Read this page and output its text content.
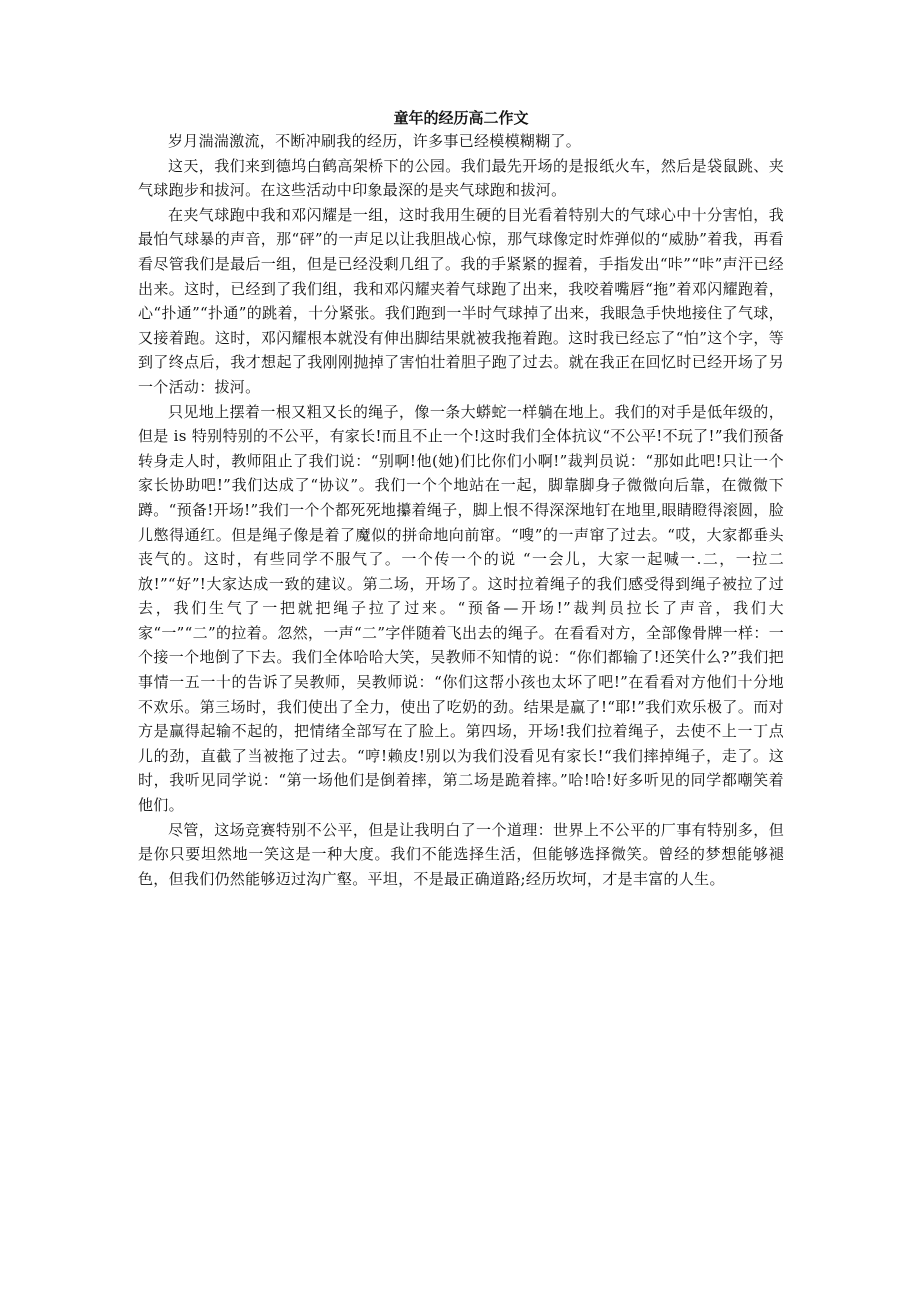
童年的经历高二作文

岁月湍湍激流，不断冲刷我的经历，许多事已经模模糊糊了。

这天，我们来到德坞白鹤高架桥下的公园。我们最先开场的是报纸火车，然后是袋鼠跳、夹气球跑步和拔河。在这些活动中印象最深的是夹气球跑和拔河。

在夹气球跑中我和邓闪耀是一组，这时我用生硬的目光看着特别大的气球心中十分害怕，我最怕气球暴的声音，那“砰”的一声足以让我胆战心惊，那气球像定时炸弹似的“威胁”着我，再看看尽管我们是最后一组，但是已经没剩几组了。我的手紧紧的握着，手指发出“咔”“咔”声汗已经出来。这时，已经到了我们组，我和邓闪耀夹着气球跑了出来，我咬着嘴唇“拖”着邓闪耀跑着，心“扑通”“扑通”的跳着，十分紧张。我们跑到一半时气球掉了出来，我眼急手快地接住了气球，又接着跑。这时，邓闪耀根本就没有伸出脚结果就被我拖着跑。这时我已经忘了“怕”这个字，等到了终点后，我才想起了我刚刚抛掉了害怕壮着胆子跑了过去。就在我正在回忆时已经开场了另一个活动：拔河。

只见地上摆着一根又粗又长的绳子，像一条大蟒蛇一样躺在地上。我们的对手是低年级的，但是 is 特别特别的不公平，有家长!而且不止一个!这时我们全体抗议“不公平!不玩了!”我们预备转身走人时，教师阻止了我们说：“别啊!他(她)们比你们小啊!”裁判员说：“那如此吧!只让一个家长协助吧!”我们达成了“协议”。我们一个个地站在一起，脚靠脚身子微微向后靠，在微微下蹲。“预备!开场!”我们一个个都死死地攥着绳子，脚上恨不得深深地钉在地里,眼睛瞪得滚圆，脸儿憋得通红。但是绳子像是着了魔似的拼命地向前窜。“嗖”的一声窜了过去。“哎，大家都垂头丧气的。这时，有些同学不服气了。一个传一个的说 “一会儿，大家一起喊一.二，一拉二放!”“好”!大家达成一致的建议。第二场，开场了。这时拉着绳子的我们感受得到绳子被拉了过去，我们生气了一把就把绳子拉了过来。“预备—开场!”裁判员拉长了声音，我们大家“一”“二”的拉着。忽然，一声“二”字伴随着飞出去的绳子。在看看对方，全部像骨牌一样：一个接一个地倒了下去。我们全体哈哈大笑，吴教师不知情的说：“你们都输了!还笑什么?”我们把事情一五一十的告诉了吴教师，吴教师说：“你们这帮小孩也太坏了吧!”在看看对方他们十分地不欢乐。第三场时，我们使出了全力，使出了吃奶的劲。结果是赢了!“耶!”我们欢乐极了。而对方是赢得起输不起的，把情绪全部写在了脸上。第四场，开场!我们拉着绳子，去使不上一丁点儿的劲，直截了当被拖了过去。“哼!赖皮!别以为我们没看见有家长!“我们摔掉绳子，走了。这时，我听见同学说：“第一场他们是倒着摔，第二场是跪着摔。”哈!哈!好多听见的同学都嘲笑着他们。

尽管，这场竞赛特别不公平，但是让我明白了一个道理：世界上不公平的厂事有特别多，但是你只要坦然地一笑这是一种大度。我们不能选择生活，但能够选择微笑。曾经的梦想能够褪色，但我们仍然能够迈过沟广壑。平坦，不是最正确道路;经历坎坷，才是丰富的人生。
